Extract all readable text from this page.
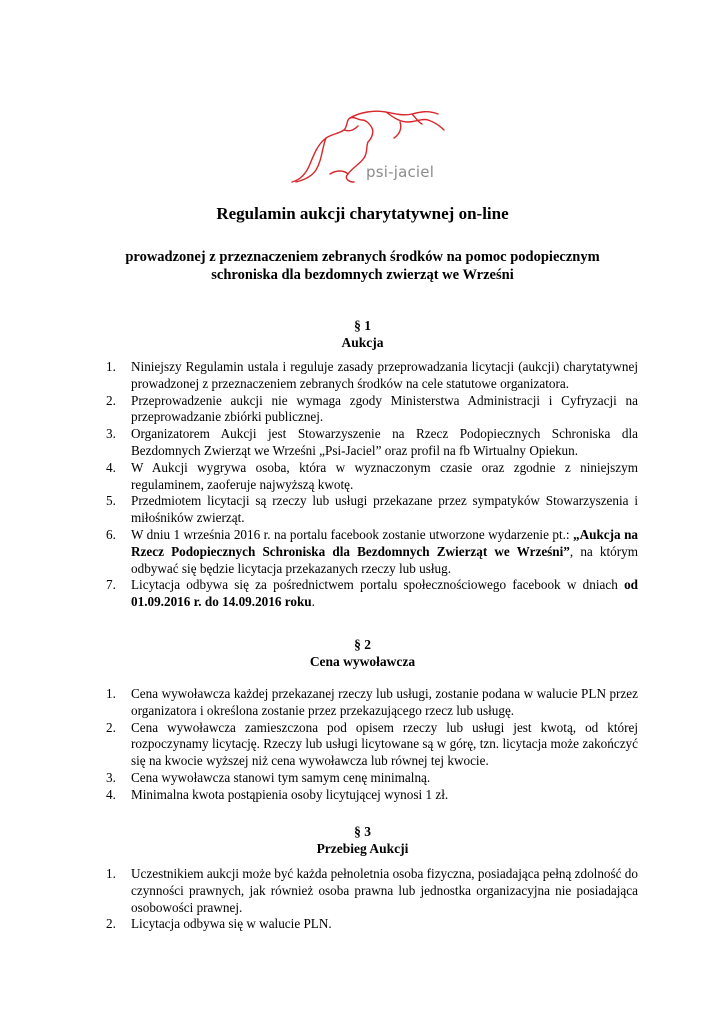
psi-jaciel
Regulamin aukcji charytatywnej on-line
prowadzonej z przeznaczeniem zebranych środków na pomoc podopiecznym
schroniska dla bezdomnych zwierząt we Wrześni
§ 1
Aukcja
1. Niniejszy Regulamin ustala i reguluje zasady przeprowadzania licytacji (aukcji) charytatywnej prowadzonej z przeznaczeniem zebranych środków na cele statutowe organizatora.
2. Przeprowadzenie aukcji nie wymaga zgody Ministerstwa Administracji i Cyfryzacji na przeprowadzanie zbiórki publicznej.
3. Organizatorem Aukcji jest Stowarzyszenie na Rzecz Podopiecznych Schroniska dla Bezdomnych Zwierząt we Wrześni „Psi-Jaciel” oraz profil na fb Wirtualny Opiekun.
4. W Aukcji wygrywa osoba, która w wyznaczonym czasie oraz zgodnie z niniejszym regulaminem, zaoferuje najwyższą kwotę.
5. Przedmiotem licytacji są rzeczy lub usługi przekazane przez sympatyków Stowarzyszenia i miłośników zwierząt.
6. W dniu 1 września 2016 r. na portalu facebook zostanie utworzone wydarzenie pt.: „Aukcja na Rzecz Podopiecznych Schroniska dla Bezdomnych Zwierząt we Wrześni”, na którym odbywać się będzie licytacja przekazanych rzeczy lub usług.
7. Licytacja odbywa się za pośrednictwem portalu społecznościowego facebook w dniach od 01.09.2016 r. do 14.09.2016 roku.
§ 2
Cena wywoławcza
1. Cena wywoławcza każdej przekazanej rzeczy lub usługi, zostanie podana w walucie PLN przez organizatora i określona zostanie przez przekazującego rzecz lub usługę.
2. Cena wywoławcza zamieszczona pod opisem rzeczy lub usługi jest kwotą, od której rozpoczynamy licytację. Rzeczy lub usługi licytowane są w górę, tzn. licytacja może zakończyć się na kwocie wyższej niż cena wywoławcza lub równej tej kwocie.
3. Cena wywoławcza stanowi tym samym cenę minimalną.
4. Minimalna kwota postąpienia osoby licytującej wynosi 1 zł.
§ 3
Przebieg Aukcji
1. Uczestnikiem aukcji może być każda pełnoletnia osoba fizyczna, posiadająca pełną zdolność do czynności prawnych, jak również osoba prawna lub jednostka organizacyjna nie posiadająca osobowości prawnej.
2. Licytacja odbywa się w walucie PLN.
